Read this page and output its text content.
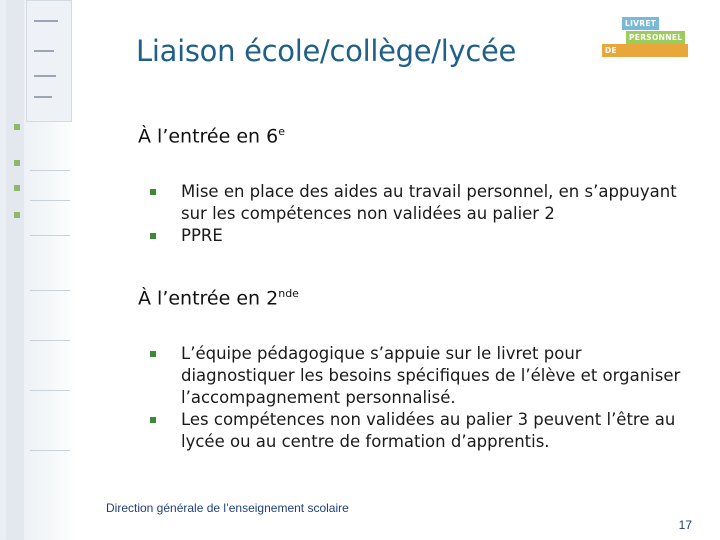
Liaison école/collège/lycée
LIVRET
PERSONNEL
DE COMPÉTENCES
À l’entrée en 6e
Mise en place des aides au travail personnel, en s’appuyant sur les compétences non validées au palier 2
PPRE
À l’entrée en 2nde
L’équipe pédagogique s’appuie sur le livret pour diagnostiquer les besoins spécifiques de l’élève et organiser l’accompagnement personnalisé.
Les compétences non validées au palier 3 peuvent l’être au lycée ou au centre de formation d’apprentis.
Direction générale de l’enseignement scolaire
17
